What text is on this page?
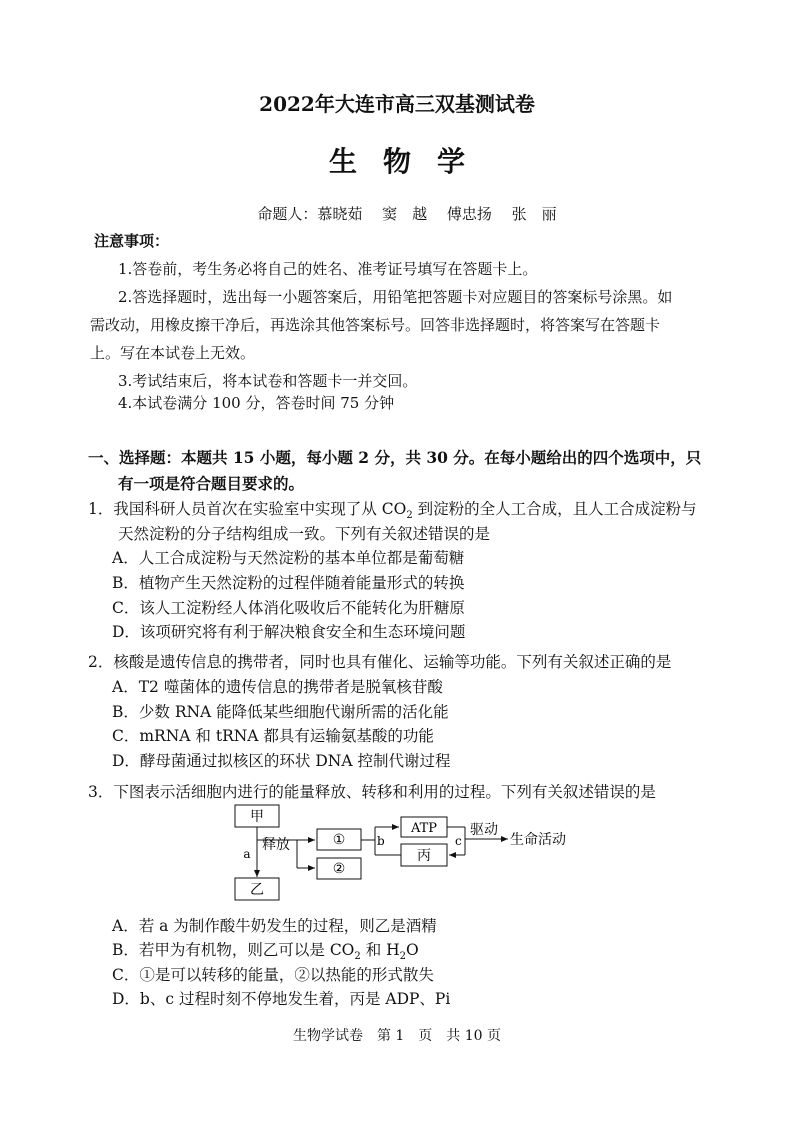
2022年大连市高三双基测试卷
生物学
命题人：慕晓茹　 窦　越　 傅忠扬　 张　丽
注意事项：
1.答卷前，考生务必将自己的姓名、准考证号填写在答题卡上。
2.答选择题时，选出每一小题答案后，用铅笔把答题卡对应题目的答案标号涂黑。如
需改动，用橡皮擦干净后，再选涂其他答案标号。回答非选择题时，将答案写在答题卡
上。写在本试卷上无效。
3.考试结束后，将本试卷和答题卡一并交回。
4.本试卷满分 100 分，答卷时间 75 分钟
一、选择题：本题共 15 小题，每小题 2 分，共 30 分。在每小题给出的四个选项中，只
有一项是符合题目要求的。
1．我国科研人员首次在实验室中实现了从 $CO_2$ 到淀粉的全人工合成，且人工合成淀粉与
天然淀粉的分子结构组成一致。下列有关叙述错误的是
A．人工合成淀粉与天然淀粉的基本单位都是葡萄糖
B．植物产生天然淀粉的过程伴随着能量形式的转换
C．该人工淀粉经人体消化吸收后不能转化为肝糖原
D．该项研究将有利于解决粮食安全和生态环境问题
2．核酸是遗传信息的携带者，同时也具有催化、运输等功能。下列有关叙述正确的是
A．T2 噬菌体的遗传信息的携带者是脱氧核苷酸
B．少数 RNA 能降低某些细胞代谢所需的活化能
C．mRNA 和 tRNA 都具有运输氨基酸的功能
D．酵母菌通过拟核区的环状 DNA 控制代谢过程
3．下图表示活细胞内进行的能量释放、转移和利用的过程。下列有关叙述错误的是
甲
乙
a
释放	①
②
b
ATP
丙
c
驱动
生命活动
A．若 a 为制作酸牛奶发生的过程，则乙是酒精
B．若甲为有机物，则乙可以是 $CO_2$ 和 $H_2O$
C．①是可以转移的能量，②以热能的形式散失
D．b、c 过程时刻不停地发生着，丙是 ADP、Pi
生物学试卷　第 1　页　共 10 页
